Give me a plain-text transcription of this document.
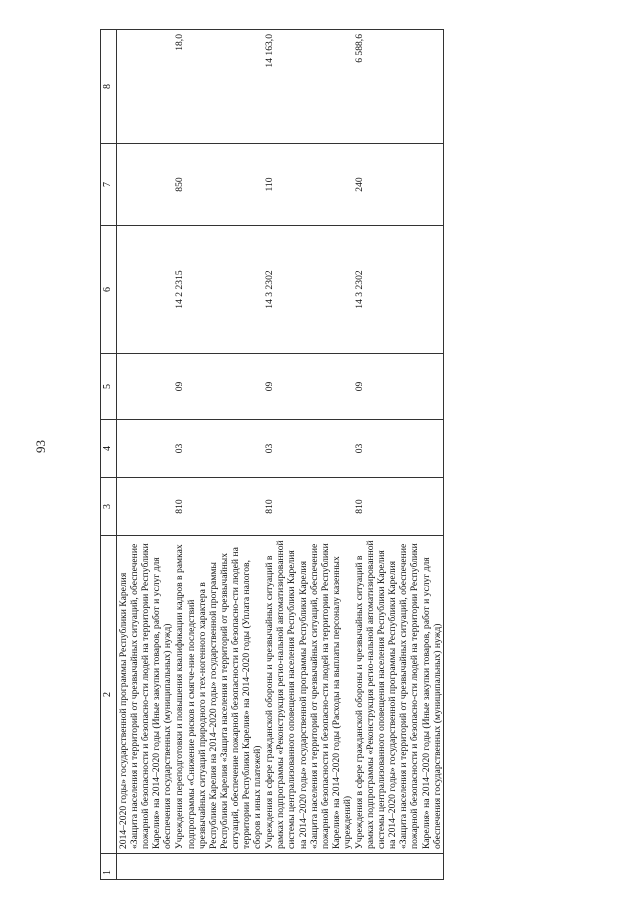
93
1	2	3	4	5	6	7	8
	2014–2020 годы» государственной программы Республики Карелия «Защита населения и территорий от чрезвычайных ситуаций, обеспечение пожарной безопасности и безопасно-сти людей на территории Республики Карелия» на 2014–2020 годы (Иные закупки товаров, работ и услуг для обеспечения государственных (муниципальных) нужд)						
	Учреждения переподготовки и повышения квалификации кадров в рамках подпрограммы «Снижение рисков и смягче-ние последствий чрезвычайных ситуаций природного и тех-ногенного характера в Республике Карелия на 2014–2020 годы» государственной программы Республики Карелия «Защита населения и территорий от чрезвычайных ситуаций, обеспечение пожарной безопасности и безопасно-сти людей на территории Республики Карелия» на 2014–2020 годы (Уплата налогов, сборов и иных платежей)	810	03	09	14 2 2315	850	18,0
	Учреждения в сфере гражданской обороны и чрезвычайных ситуаций в рамках подпрограммы «Реконструкция регио-нальной автоматизированной системы централизованного оповещения населения Республики Карелия на 2014–2020 годы» государственной программы Республики Карелия «Защита населения и территорий от чрезвычайных ситуаций, обеспечение пожарной безопасности и безопасно-сти людей на территории Республики Карелия» на 2014–2020 годы (Расходы на выплаты персоналу казенных учреждений)	810	03	09	14 3 2302	110	14 163,0
	Учреждения в сфере гражданской обороны и чрезвычайных ситуаций в рамках подпрограммы «Реконструкция регио-нальной автоматизированной системы централизованного оповещения населения Республики Карелия на 2014–2020 годы» государственной программы Республики Карелия «Защита населения и территорий от чрезвычайных ситуаций, обеспечение пожарной безопасности и безопасно-сти людей на территории Республики Карелия» на 2014–2020 годы (Иные закупки товаров, работ и услуг для обеспечения государственных (муниципальных) нужд)	810	03	09	14 3 2302	240	6 588,6
